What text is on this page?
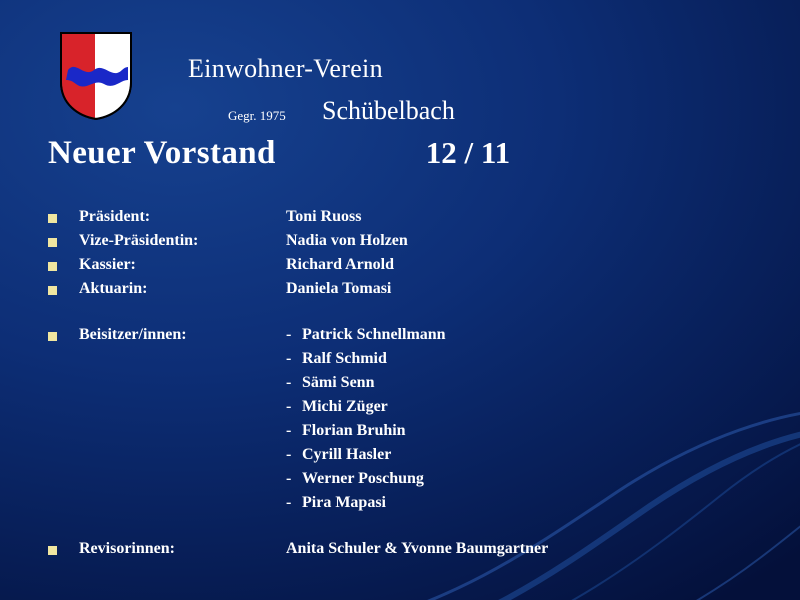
Einwohner-Verein
Gegr. 1975 Schübelbach
Neuer Vorstand	12 / 11
Präsident:	Toni Ruoss
Vize-Präsidentin:	Nadia von Holzen
Kassier:	Richard Arnold
Aktuarin:	Daniela Tomasi
Beisitzer/innen:	- Patrick Schnellmann
- Ralf Schmid
- Sämi Senn
- Michi Züger
- Florian Bruhin
- Cyrill Hasler
- Werner Poschung
- Pira Mapasi
Revisorinnen:	Anita Schuler & Yvonne Baumgartner
